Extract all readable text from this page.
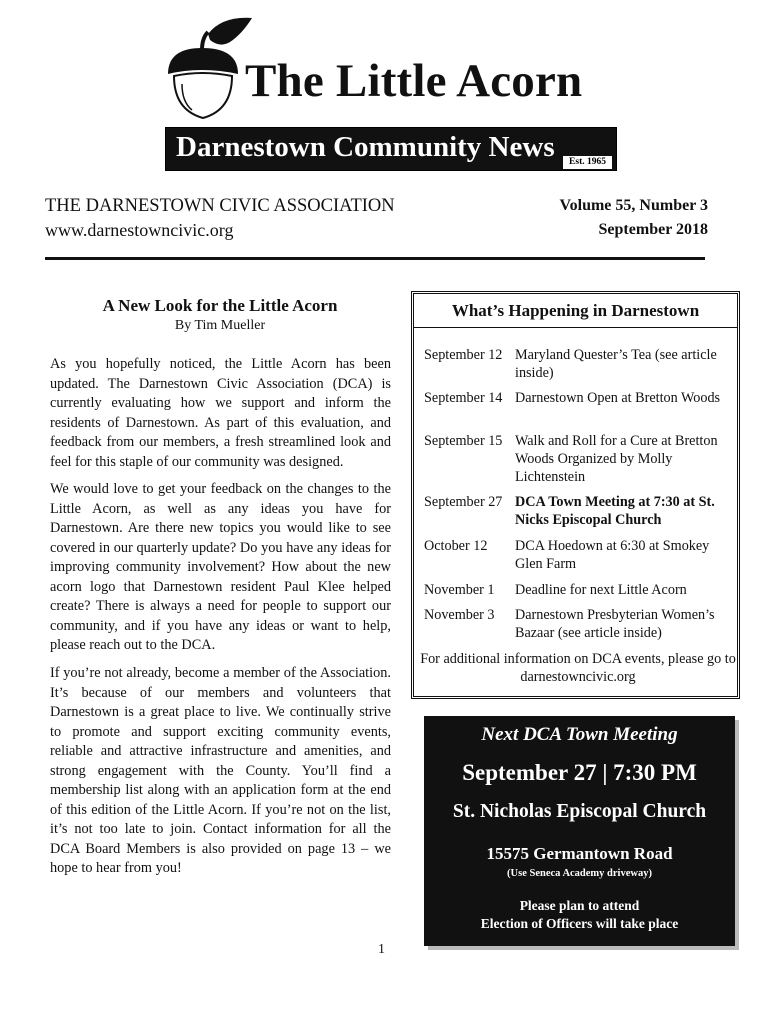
The Little Acorn
Darnestown Community News	Est. 1965
THE DARNESTOWN CIVIC ASSOCIATION
www.darnestowncivic.org
Volume 55, Number 3
September 2018
A New Look for the Little Acorn
By Tim Mueller
As you hopefully noticed, the Little Acorn has been updated. The Darnestown Civic Association (DCA) is currently evaluating how we support and inform the residents of Darnestown. As part of this evaluation, and feedback from our members, a fresh streamlined look and feel for this staple of our community was designed.
We would love to get your feedback on the changes to the Little Acorn, as well as any ideas you have for Darnestown. Are there new topics you would like to see covered in our quarterly update? Do you have any ideas for improving community involvement? How about the new acorn logo that Darnestown resident Paul Klee helped create? There is always a need for people to support our community, and if you have any ideas or want to help, please reach out to the DCA.
If you’re not already, become a member of the Association. It’s because of our members and volunteers that Darnestown is a great place to live. We continually strive to promote and support exciting community events, reliable and attractive infrastructure and amenities, and strong engagement with the County. You’ll find a membership list along with an application form at the end of this edition of the Little Acorn. If you’re not on the list, it’s not too late to join. Contact information for all the DCA Board Members is also provided on page 13 – we hope to hear from you!
What’s Happening in Darnestown
September 12 Maryland Quester’s Tea (see article inside)
September 14 Darnestown Open at Bretton Woods
September 15 Walk and Roll for a Cure at Bretton Woods Organized by Molly Lichtenstein
September 27 DCA Town Meeting at 7:30 at St. Nicks Episcopal Church
October 12 DCA Hoedown at 6:30 at Smokey Glen Farm
November 1 Deadline for next Little Acorn
November 3 Darnestown Presbyterian Women’s Bazaar (see article inside)
For additional information on DCA events, please go to darnestowncivic.org
Next DCA Town Meeting
September 27 | 7:30 PM
St. Nicholas Episcopal Church
15575 Germantown Road
(Use Seneca Academy driveway)
Please plan to attend
Election of Officers will take place
1
